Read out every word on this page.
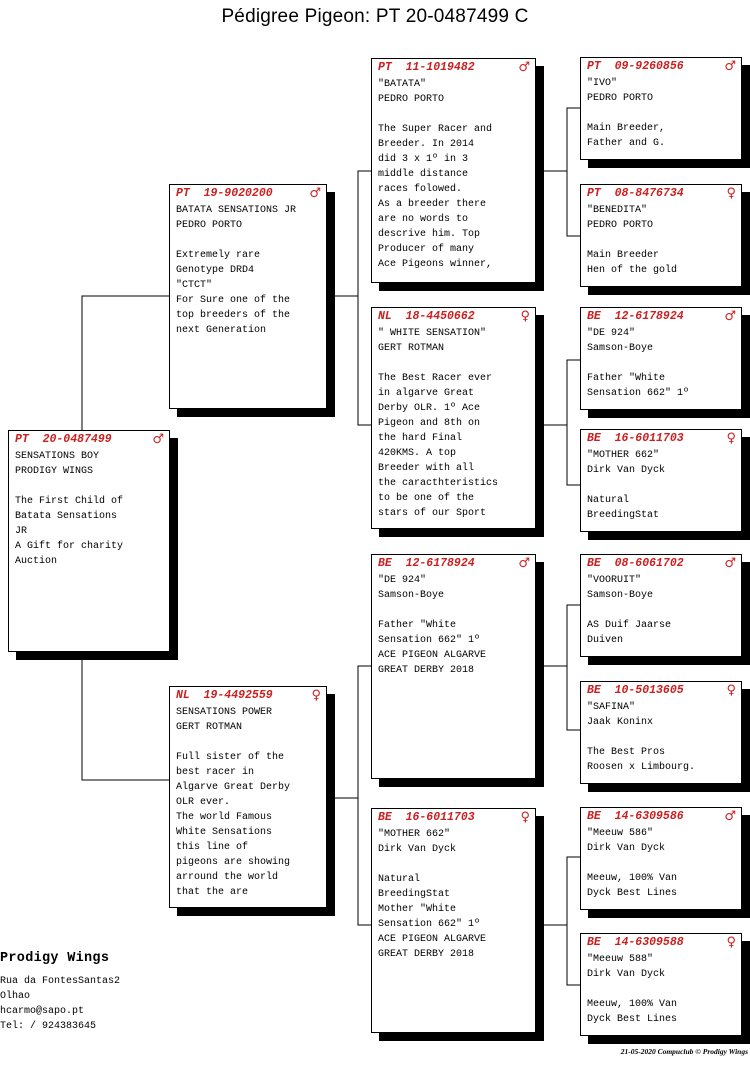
Pédigree Pigeon: PT 20-0487499 C
PT  20-0487499	♂
SENSATIONS BOY
PRODIGY WINGS
The First Child of
Batata Sensations
JR
A Gift for charity
Auction
PT  19-9020200	♂
BATATA SENSATIONS JR
PEDRO PORTO
Extremely rare
Genotype DRD4
"CTCT"
For Sure one of the
top breeders of the
next Generation
NL  19-4492559	♀
SENSATIONS POWER
GERT ROTMAN
Full sister of the
best racer in
Algarve Great Derby
OLR ever.
The world Famous
White Sensations
this line of
pigeons are showing
arround the world
that the are
PT  11-1019482	♂
"BATATA"
PEDRO PORTO
The Super Racer and
Breeder. In 2014
did 3 x 1º in 3
middle distance
races folowed.
As a breeder there
are no words to
descrive him. Top
Producer of many
Ace Pigeons winner,
NL  18-4450662	♀
" WHITE SENSATION"
GERT ROTMAN
The Best Racer ever
in algarve Great
Derby OLR. 1º Ace
Pigeon and 8th on
the hard Final
420KMS. A top
Breeder with all
the caracthteristics
to be one of the
stars of our Sport
BE  12-6178924	♂
"DE 924"
Samson-Boye
Father "White
Sensation 662" 1º
ACE PIGEON ALGARVE
GREAT DERBY 2018
BE  16-6011703	♀
"MOTHER 662"
Dirk Van Dyck
Natural
BreedingStat
Mother "White
Sensation 662" 1º
ACE PIGEON ALGARVE
GREAT DERBY 2018
PT  09-9260856	♂
"IVO"
PEDRO PORTO
Main Breeder,
Father and G.
PT  08-8476734	♀
"BENEDITA"
PEDRO PORTO
Main Breeder
Hen of the gold
BE  12-6178924	♂
"DE 924"
Samson-Boye
Father "White
Sensation 662" 1º
BE  16-6011703	♀
"MOTHER 662"
Dirk Van Dyck
Natural
BreedingStat
BE  08-6061702	♂
"VOORUIT"
Samson-Boye
AS Duif Jaarse
Duiven
BE  10-5013605	♀
"SAFINA"
Jaak Koninx
The Best Pros
Roosen x Limbourg.
BE  14-6309586	♂
"Meeuw 586"
Dirk Van Dyck
Meeuw, 100% Van
Dyck Best Lines
BE  14-6309588	♀
"Meeuw 588"
Dirk Van Dyck
Meeuw, 100% Van
Dyck Best Lines
Prodigy Wings
Rua da FontesSantas2
Olhao
hcarmo@sapo.pt
Tel: / 924383645
21-05-2020 Compuclub © Prodigy Wings
